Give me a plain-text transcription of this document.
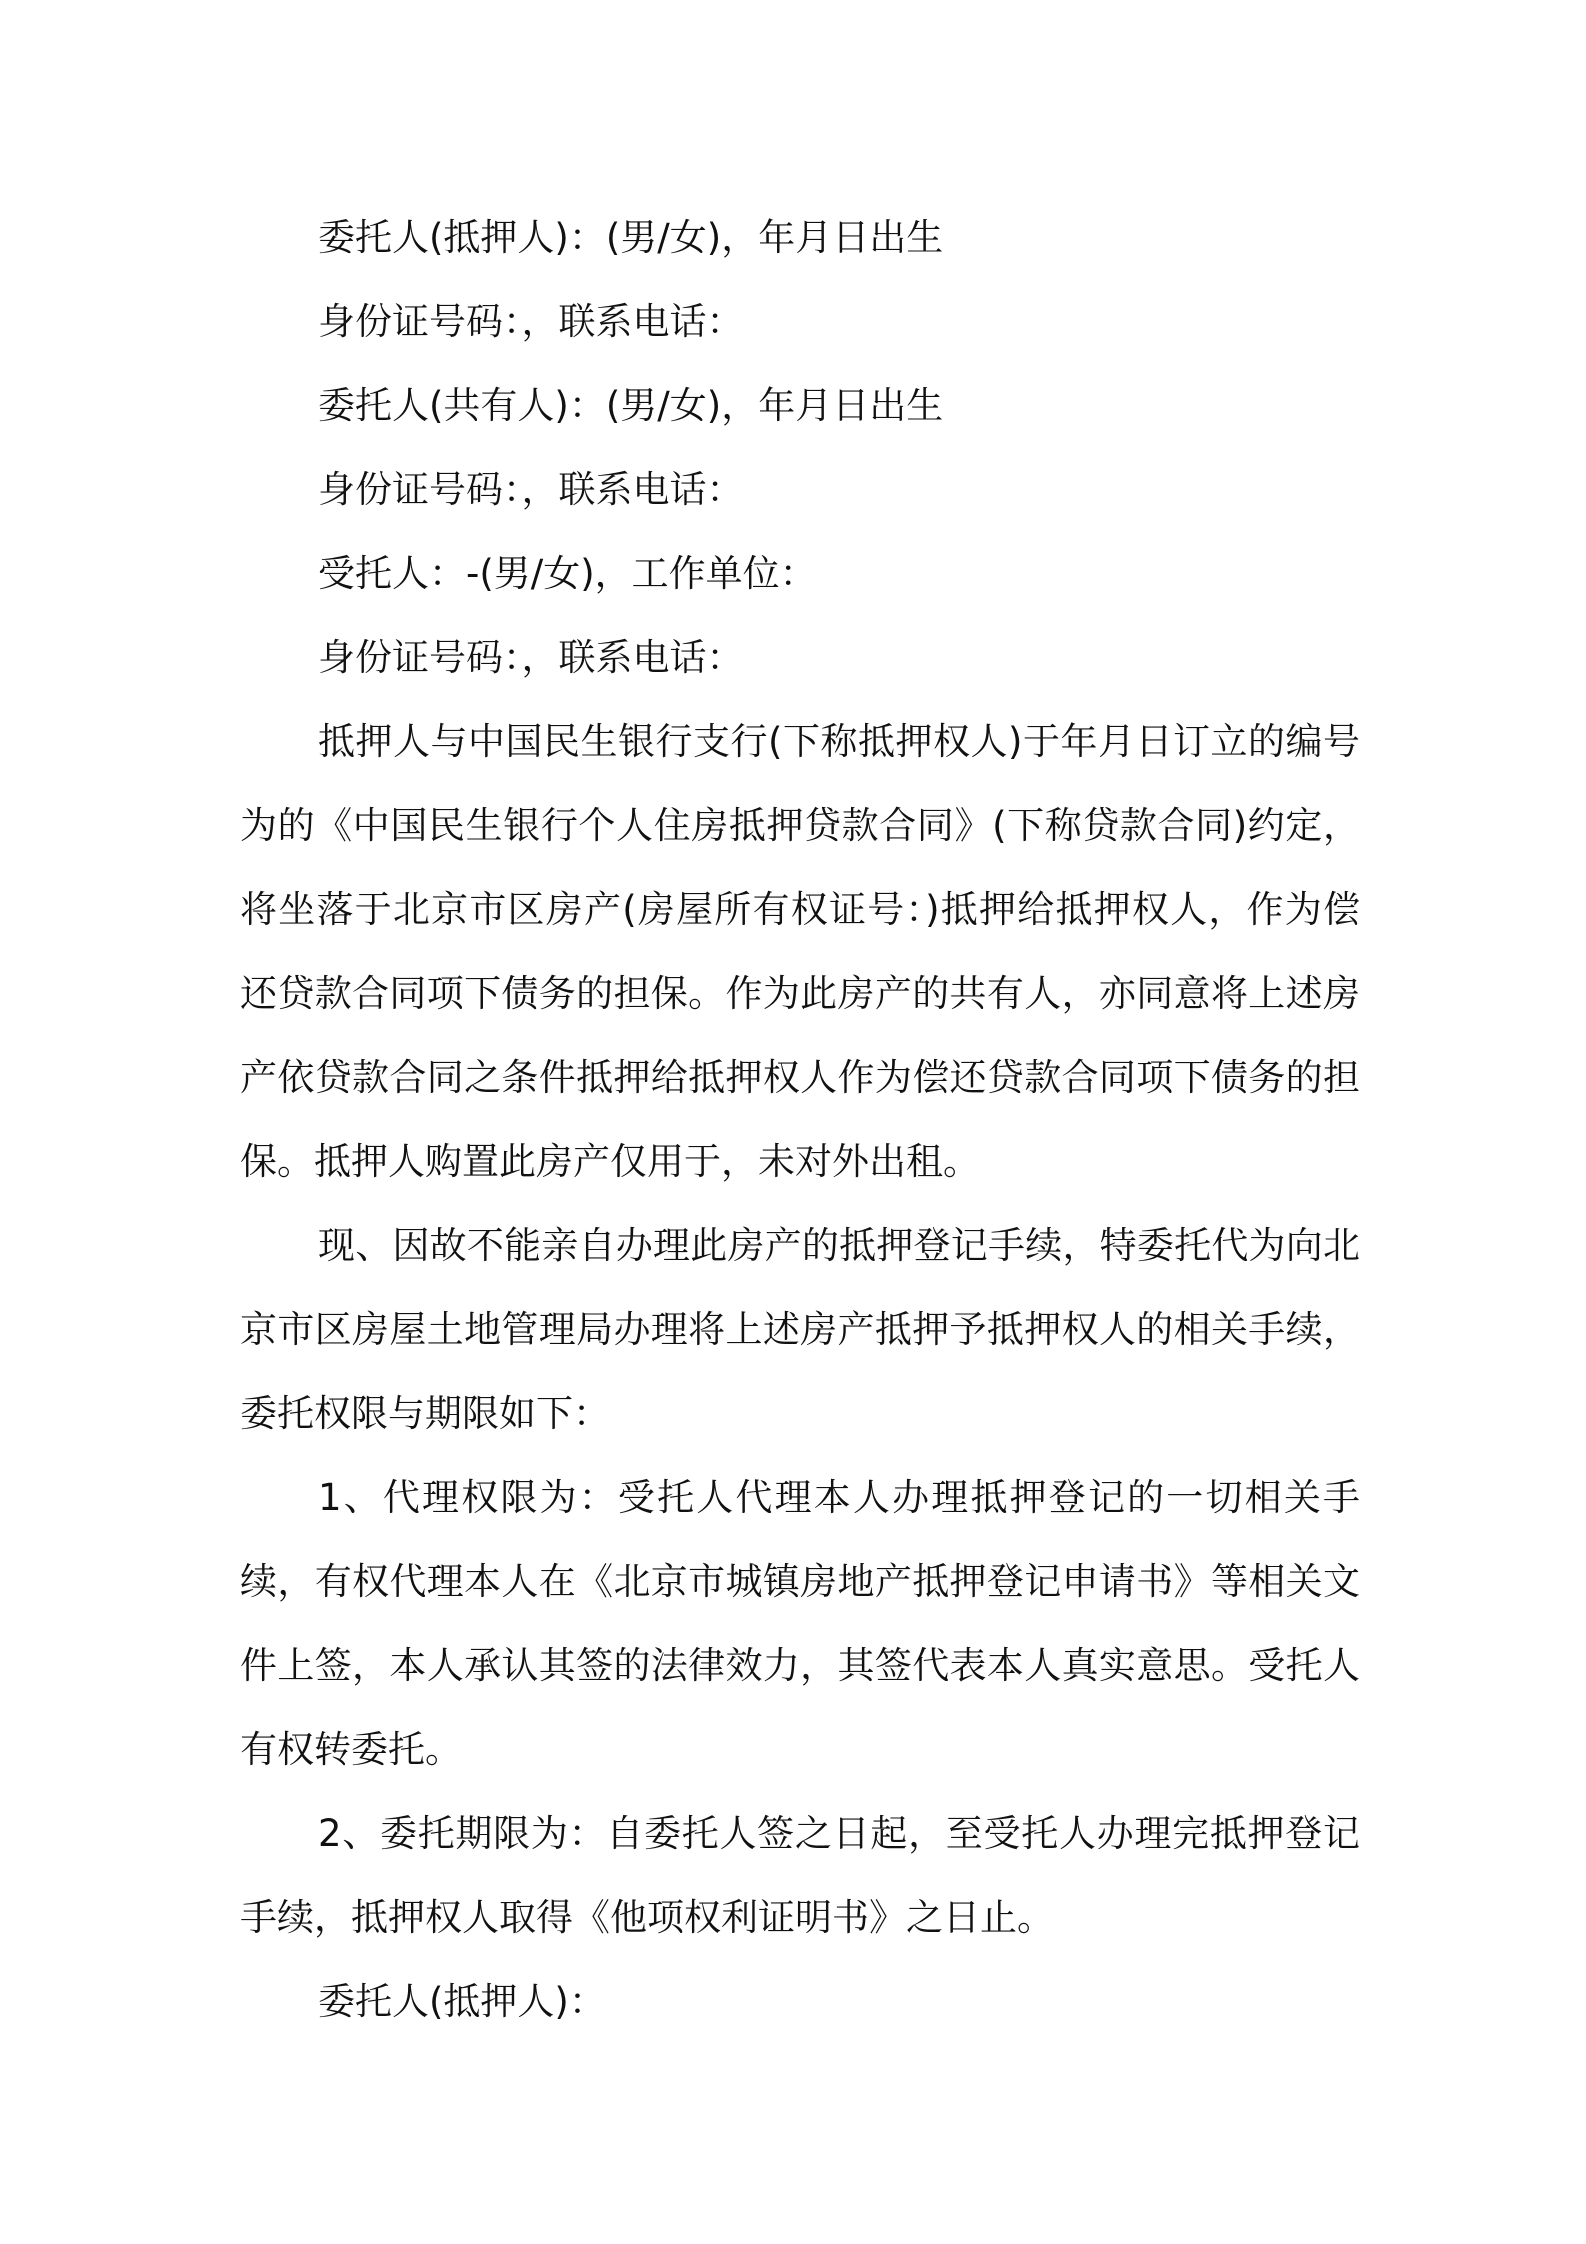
委托人(抵押人)：(男/女)，年月日出生
身份证号码：，联系电话：
委托人(共有人)：(男/女)，年月日出生
身份证号码：，联系电话：
受托人：-(男/女)，工作单位：
身份证号码：，联系电话：

抵押人与中国民生银行支行(下称抵押权人)于年月日订立的编号为的《中国民生银行个人住房抵押贷款合同》(下称贷款合同)约定，将坐落于北京市区房产(房屋所有权证号：)抵押给抵押权人，作为偿还贷款合同项下债务的担保。作为此房产的共有人，亦同意将上述房产依贷款合同之条件抵押给抵押权人作为偿还贷款合同项下债务的担保。抵押人购置此房产仅用于，未对外出租。

现、因故不能亲自办理此房产的抵押登记手续，特委托代为向北京市区房屋土地管理局办理将上述房产抵押予抵押权人的相关手续，委托权限与期限如下：

1、代理权限为：受托人代理本人办理抵押登记的一切相关手续，有权代理本人在《北京市城镇房地产抵押登记申请书》等相关文件上签，本人承认其签的法律效力，其签代表本人真实意思。受托人有权转委托。

2、委托期限为：自委托人签之日起，至受托人办理完抵押登记手续，抵押权人取得《他项权利证明书》之日止。

委托人(抵押人)：
